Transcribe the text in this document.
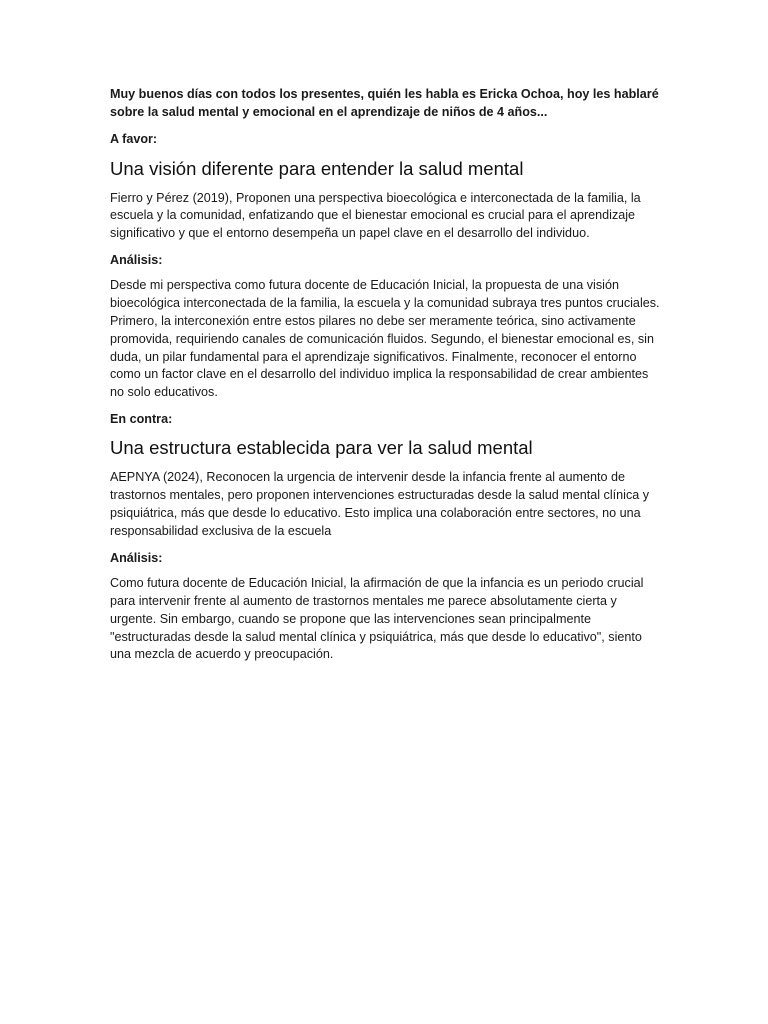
Muy buenos días con todos los presentes, quién les habla es Ericka Ochoa, hoy les hablaré sobre la salud mental y emocional en el aprendizaje de niños de 4 años...

A favor:

Una visión diferente para entender la salud mental

Fierro y Pérez (2019), Proponen una perspectiva bioecológica e interconectada de la familia, la escuela y la comunidad, enfatizando que el bienestar emocional es crucial para el aprendizaje significativo y que el entorno desempeña un papel clave en el desarrollo del individuo.

Análisis:

Desde mi perspectiva como futura docente de Educación Inicial, la propuesta de una visión bioecológica interconectada de la familia, la escuela y la comunidad subraya tres puntos cruciales. Primero, la interconexión entre estos pilares no debe ser meramente teórica, sino activamente promovida, requiriendo canales de comunicación fluidos. Segundo, el bienestar emocional es, sin duda, un pilar fundamental para el aprendizaje significativos. Finalmente, reconocer el entorno como un factor clave en el desarrollo del individuo implica la responsabilidad de crear ambientes no solo educativos.

En contra:

Una estructura establecida para ver la salud mental

AEPNYA (2024), Reconocen la urgencia de intervenir desde la infancia frente al aumento de trastornos mentales, pero proponen intervenciones estructuradas desde la salud mental clínica y psiquiátrica, más que desde lo educativo. Esto implica una colaboración entre sectores, no una responsabilidad exclusiva de la escuela

Análisis:

Como futura docente de Educación Inicial, la afirmación de que la infancia es un periodo crucial para intervenir frente al aumento de trastornos mentales me parece absolutamente cierta y urgente. Sin embargo, cuando se propone que las intervenciones sean principalmente "estructuradas desde la salud mental clínica y psiquiátrica, más que desde lo educativo", siento una mezcla de acuerdo y preocupación.
